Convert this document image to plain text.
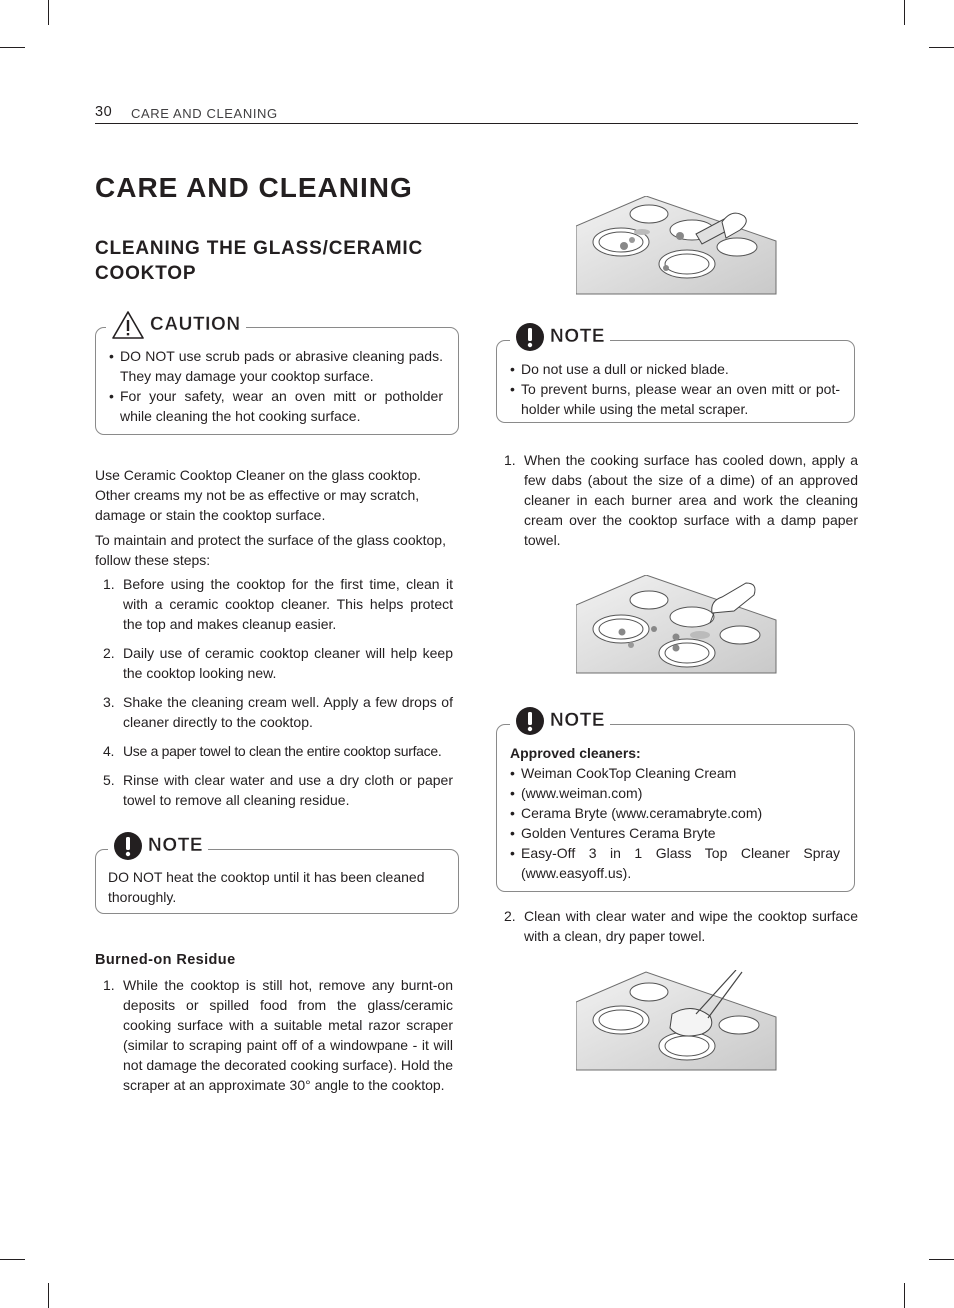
30 CARE AND CLEANING
CARE AND CLEANING
CLEANING THE GLASS/CERAMIC COOKTOP
• DO NOT use scrub pads or abrasive cleaning pads. They may damage your cooktop surface.
• For your safety, wear an oven mitt or potholder while cleaning the hot cooking surface.
CAUTION

Use Ceramic Cooktop Cleaner on the glass cooktop. Other creams my not be as effective or may scratch, damage or stain the cooktop surface.

To maintain and protect the surface of the glass cooktop, follow these steps:

1. Before using the cooktop for the first time, clean it with a ceramic cooktop cleaner. This helps protect the top and makes cleanup easier.
2. Daily use of ceramic cooktop cleaner will help keep the cooktop looking new.
3. Shake the cleaning cream well. Apply a few drops of cleaner directly to the cooktop.
4. Use a paper towel to clean the entire cooktop surface.
5. Rinse with clear water and use a dry cloth or paper towel to remove all cleaning residue.

DO NOT heat the cooktop until it has been cleaned thoroughly.

NOTE
Burned-on Residue
1. While the cooktop is still hot, remove any burnt-on deposits or spilled food from the glass/ceramic cooking surface with a suitable metal razor scraper (similar to scraping paint off of a windowpane - it will not damage the decorated cooking surface). Hold the scraper at an approximate 30° angle to the cooktop.
• Do not use a dull or nicked blade.
• To prevent burns, please wear an oven mitt or pot-holder while using the metal scraper.
NOTE
1. When the cooking surface has cooled down, apply a few dabs (about the size of a dime) of an approved cleaner in each burner area and work the cleaning cream over the cooktop surface with a damp paper towel.

Approved cleaners:

• Weiman CookTop Cleaning Cream
• (www.weiman.com)
• Cerama Bryte (www.ceramabryte.com)
• Golden Ventures Cerama Bryte
• Easy-Off 3 in 1 Glass Top Cleaner Spray (www.easyoff.us).
NOTE
2. Clean with clear water and wipe the cooktop surface with a clean, dry paper towel.
